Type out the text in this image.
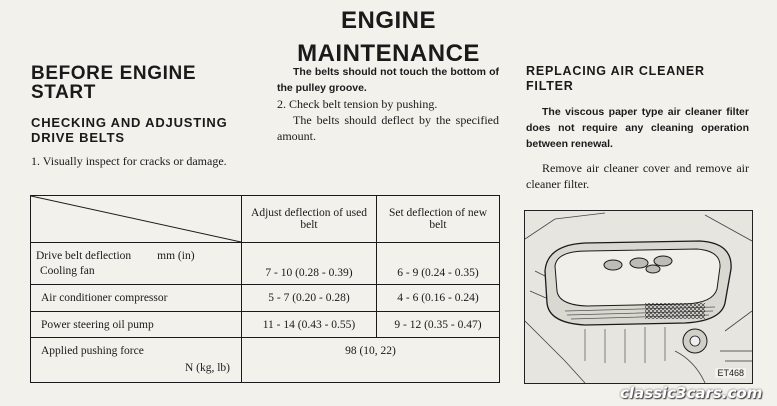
ENGINE MAINTENANCE
BEFORE ENGINE START
CHECKING AND ADJUSTING DRIVE BELTS
1. Visually inspect for cracks or damage.
The belts should not touch the bottom of the pulley groove.
2. Check belt tension by pushing.
The belts should deflect by the specified amount.
REPLACING AIR CLEANER FILTER
The viscous paper type air cleaner filter does not require any cleaning operation between renewal.
Remove air cleaner cover and remove air cleaner filter.
	Adjust deflection of used belt	Set deflection of new belt

Drive belt deflection mm (in)
Cooling fan	7 - 10 (0.28 - 0.39)	6 - 9 (0.24 - 0.35)
Air conditioner compressor	5 - 7 (0.20 - 0.28)	4 - 6 (0.16 - 0.24)
Power steering oil pump	11 - 14 (0.43 - 0.55)	9 - 12 (0.35 - 0.47)

Applied pushing force
N (kg, lb)	98 (10, 22)	
ET468
classic3cars.com
